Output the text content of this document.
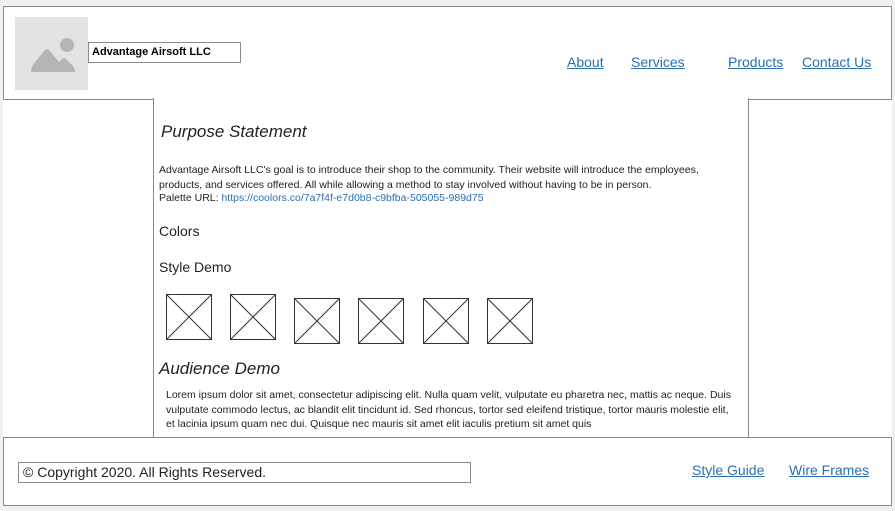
Advantage Airsoft LLC
About Services	Products Contact Us
Purpose Statement
Advantage Airsoft LLC's goal is to introduce their shop to the community. Their website will introduce the employees, products, and services offered. All while allowing a method to stay involved without having to be in person.
Palette URL: https://coolors.co/7a7f4f-e7d0b8-c9bfba-505055-989d75
Colors
Style Demo
Audience Demo
Lorem ipsum dolor sit amet, consectetur adipiscing elit. Nulla quam velit, vulputate eu pharetra nec, mattis ac neque. Duis vulputate commodo lectus, ac blandit elit tincidunt id. Sed rhoncus, tortor sed eleifend tristique, tortor mauris molestie elit, et lacinia ipsum quam nec dui. Quisque nec mauris sit amet elit iaculis pretium sit amet quis
© Copyright 2020. All Rights Reserved.	Style Guide Wire Frames
